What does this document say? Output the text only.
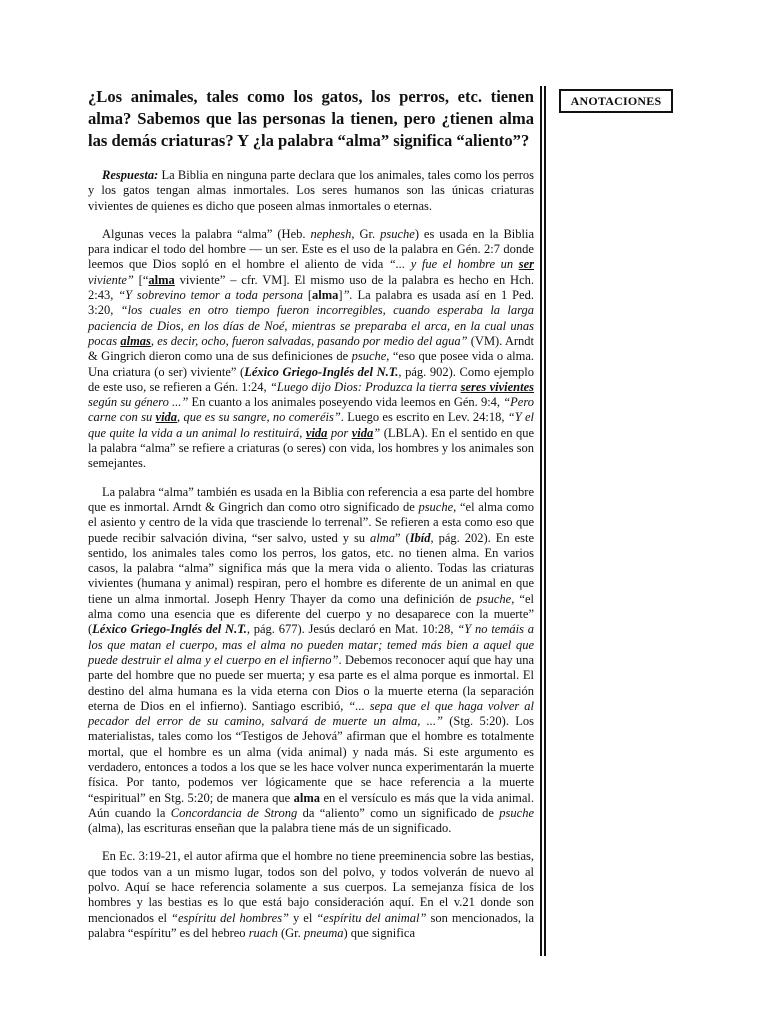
ANOTACIONES
¿Los animales, tales como los gatos, los perros, etc. tienen alma? Sabemos que las personas la tienen, pero ¿tienen alma las demás criaturas? Y ¿la palabra “alma” significa “aliento”?

Respuesta: La Biblia en ninguna parte declara que los animales, tales como los perros y los gatos tengan almas inmortales. Los seres humanos son las únicas criaturas vivientes de quienes es dicho que poseen almas inmortales o eternas.

Algunas veces la palabra “alma” (Heb. nephesh, Gr. psuche) es usada en la Biblia para indicar el todo del hombre — un ser. Este es el uso de la palabra en Gén. 2:7 donde leemos que Dios sopló en el hombre el aliento de vida “... y fue el hombre un ser viviente” [“alma viviente” – cfr. VM]. El mismo uso de la palabra es hecho en Hch. 2:43, “Y sobrevino temor a toda persona [alma]”. La palabra es usada así en 1 Ped. 3:20, “los cuales en otro tiempo fueron incorregibles, cuando esperaba la larga paciencia de Dios, en los días de Noé, mientras se preparaba el arca, en la cual unas pocas almas, es decir, ocho, fueron salvadas, pasando por medio del agua” (VM). Arndt & Gingrich dieron como una de sus definiciones de psuche, “eso que posee vida o alma. Una criatura (o ser) viviente” (Léxico Griego-Inglés del N.T., pág. 902). Como ejemplo de este uso, se refieren a Gén. 1:24, “Luego dijo Dios: Produzca la tierra seres vivientes según su género ...” En cuanto a los animales poseyendo vida leemos en Gén. 9:4, “Pero carne con su vida, que es su sangre, no comeréis”. Luego es escrito en Lev. 24:18, “Y el que quite la vida a un animal lo restituirá, vida por vida” (LBLA). En el sentido en que la palabra “alma” se refiere a criaturas (o seres) con vida, los hombres y los animales son semejantes.

La palabra “alma” también es usada en la Biblia con referencia a esa parte del hombre que es inmortal. Arndt & Gingrich dan como otro significado de psuche, “el alma como el asiento y centro de la vida que trasciende lo terrenal”. Se refieren a esta como eso que puede recibir salvación divina, “ser salvo, usted y su alma” (Ibíd, pág. 202). En este sentido, los animales tales como los perros, los gatos, etc. no tienen alma. En varios casos, la palabra “alma” significa más que la mera vida o aliento. Todas las criaturas vivientes (humana y animal) respiran, pero el hombre es diferente de un animal en que tiene un alma inmortal. Joseph Henry Thayer da como una definición de psuche, “el alma como una esencia que es diferente del cuerpo y no desaparece con la muerte” (Léxico Griego-Inglés del N.T., pág. 677). Jesús declaró en Mat. 10:28, “Y no temáis a los que matan el cuerpo, mas el alma no pueden matar; temed más bien a aquel que puede destruir el alma y el cuerpo en el infierno”. Debemos reconocer aquí que hay una parte del hombre que no puede ser muerta; y esa parte es el alma porque es inmortal. El destino del alma humana es la vida eterna con Dios o la muerte eterna (la separación eterna de Dios en el infierno). Santiago escribió, “... sepa que el que haga volver al pecador del error de su camino, salvará de muerte un alma, ...” (Stg. 5:20). Los materialistas, tales como los “Testigos de Jehová” afirman que el hombre es totalmente mortal, que el hombre es un alma (vida animal) y nada más. Si este argumento es verdadero, entonces a todos a los que se les hace volver nunca experimentarán la muerte física. Por tanto, podemos ver lógicamente que se hace referencia a la muerte “espiritual” en Stg. 5:20; de manera que alma en el versículo es más que la vida animal. Aún cuando la Concordancia de Strong da “aliento” como un significado de psuche (alma), las escrituras enseñan que la palabra tiene más de un significado.

En Ec. 3:19-21, el autor afirma que el hombre no tiene preeminencia sobre las bestias, que todos van a un mismo lugar, todos son del polvo, y todos volverán de nuevo al polvo. Aquí se hace referencia solamente a sus cuerpos. La semejanza física de los hombres y las bestias es lo que está bajo consideración aquí. En el v.21 donde son mencionados el “espíritu del hombres” y el “espíritu del animal” son mencionados, la palabra “espíritu” es del hebreo ruach (Gr. pneuma) que significa
